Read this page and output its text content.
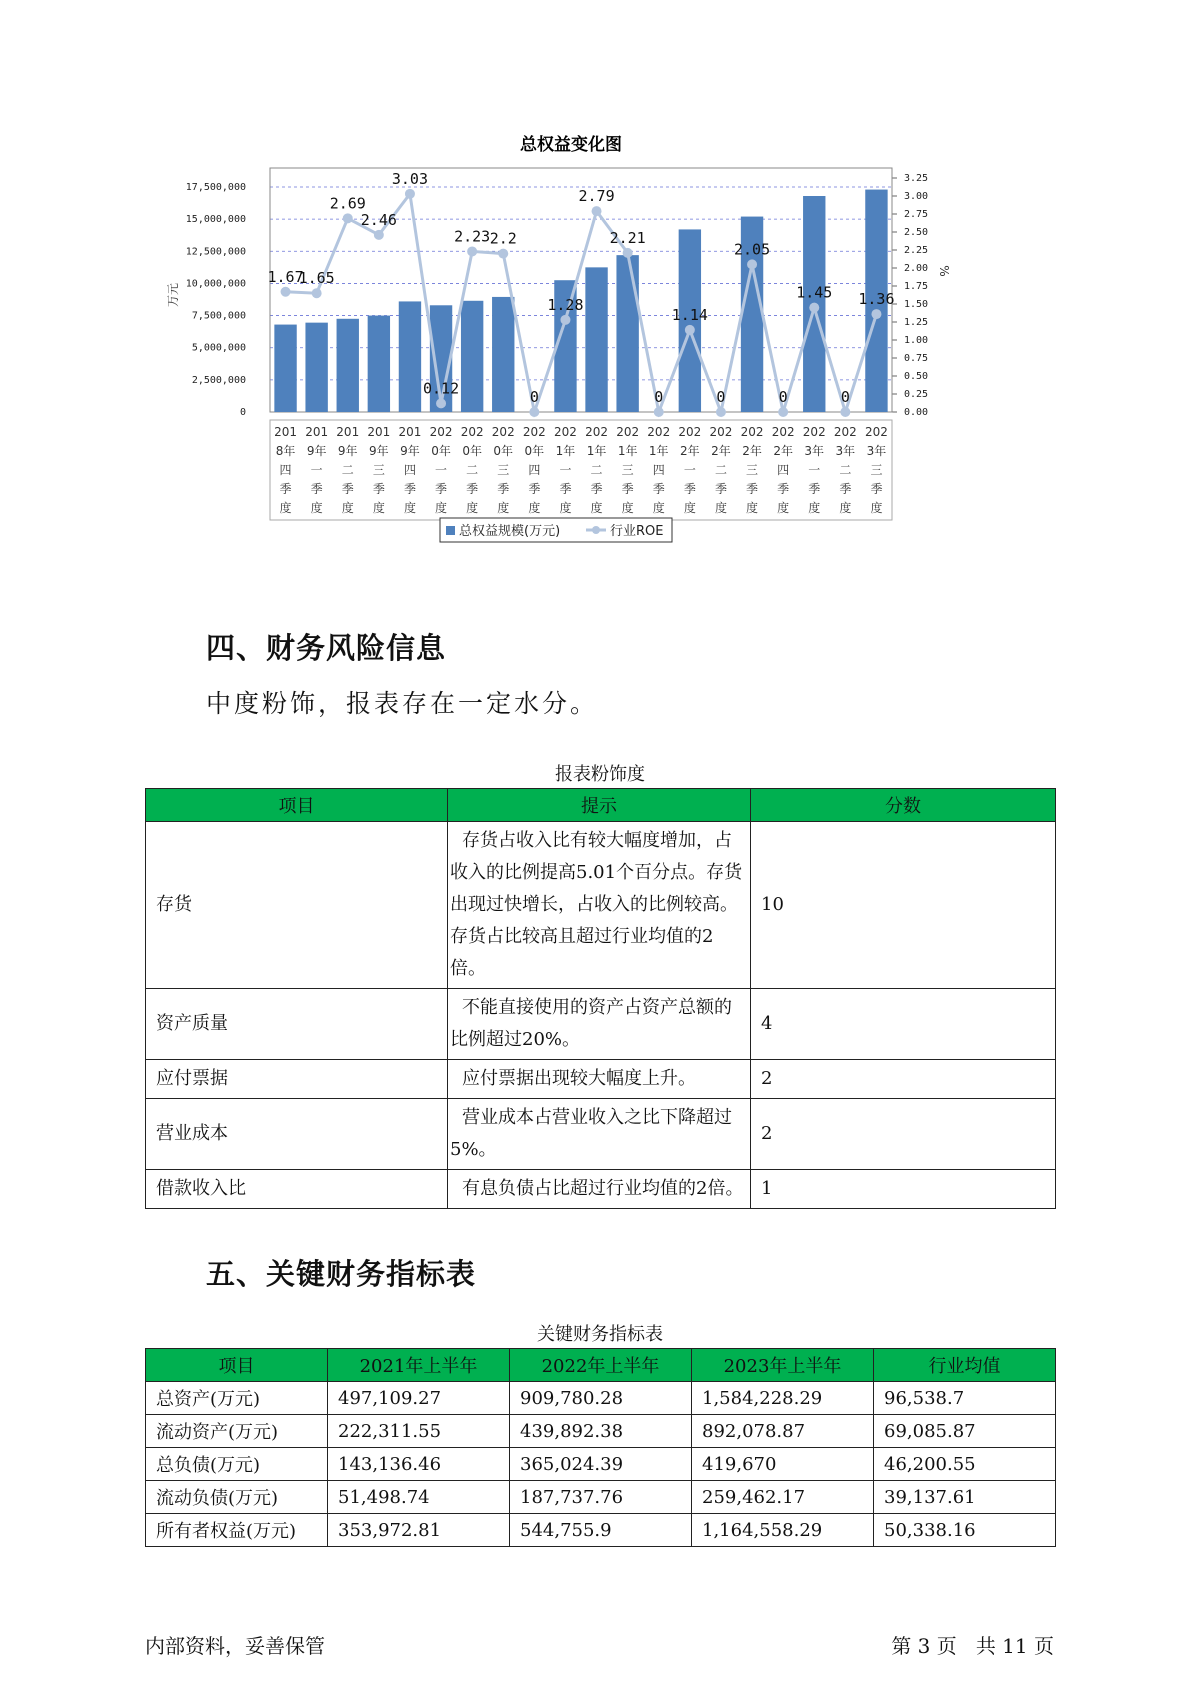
总权益变化图
0
2,500,000
5,000,000
7,500,000
10,000,000
12,500,000
15,000,000
17,500,000
0.00
0.25
0.50
0.75
1.00
1.25
1.50
1.75
2.00
2.25
2.50
2.75
3.00
3.25
万元
%
1.67
1.65
2.69
2.46
3.03
0.12
2.23 2.2
0
1.28
2.79
2.21
0
1.14
0
2.05
0
1.45
0
1.36
201 8年四季度
201 9年一季度
201 9年二季度
201 9年三季度
201 9年四季度
202 0年一季度
202 0年二季度
202 0年三季度
202 0年四季度
202 1年一季度
202 1年二季度
202 1年三季度
202 1年四季度
202 2年一季度
202 2年二季度
202 2年三季度
202 2年四季度
202 3年一季度
202 3年二季度
202 3年三季度
总权益规模(万元)	行业ROE
四、财务风险信息

中度粉饰，报表存在一定水分。

报表粉饰度

项目	提示	分数
存货	存货占收入比有较大幅度增加，占收入的比例提高5.01个百分点。存货出现过快增长，占收入的比例较高。存货占比较高且超过行业均值的2倍。	10
资产质量	不能直接使用的资产占资产总额的比例超过20%。	4
应付票据	应付票据出现较大幅度上升。	2
营业成本	营业成本占营业收入之比下降超过5%。	2
借款收入比	有息负债占比超过行业均值的2倍。	1
五、关键财务指标表

关键财务指标表

项目	2021年上半年	2022年上半年	2023年上半年	行业均值
总资产(万元)	497,109.27	909,780.28	1,584,228.29	96,538.7
流动资产(万元)	222,311.55	439,892.38	892,078.87	69,085.87
总负债(万元)	143,136.46	365,024.39	419,670	46,200.55
流动负债(万元)	51,498.74	187,737.76	259,462.17	39,137.61
所有者权益(万元)	353,972.81	544,755.9	1,164,558.29	50,338.16

内部资料，妥善保管	第 3 页   共 11 页
